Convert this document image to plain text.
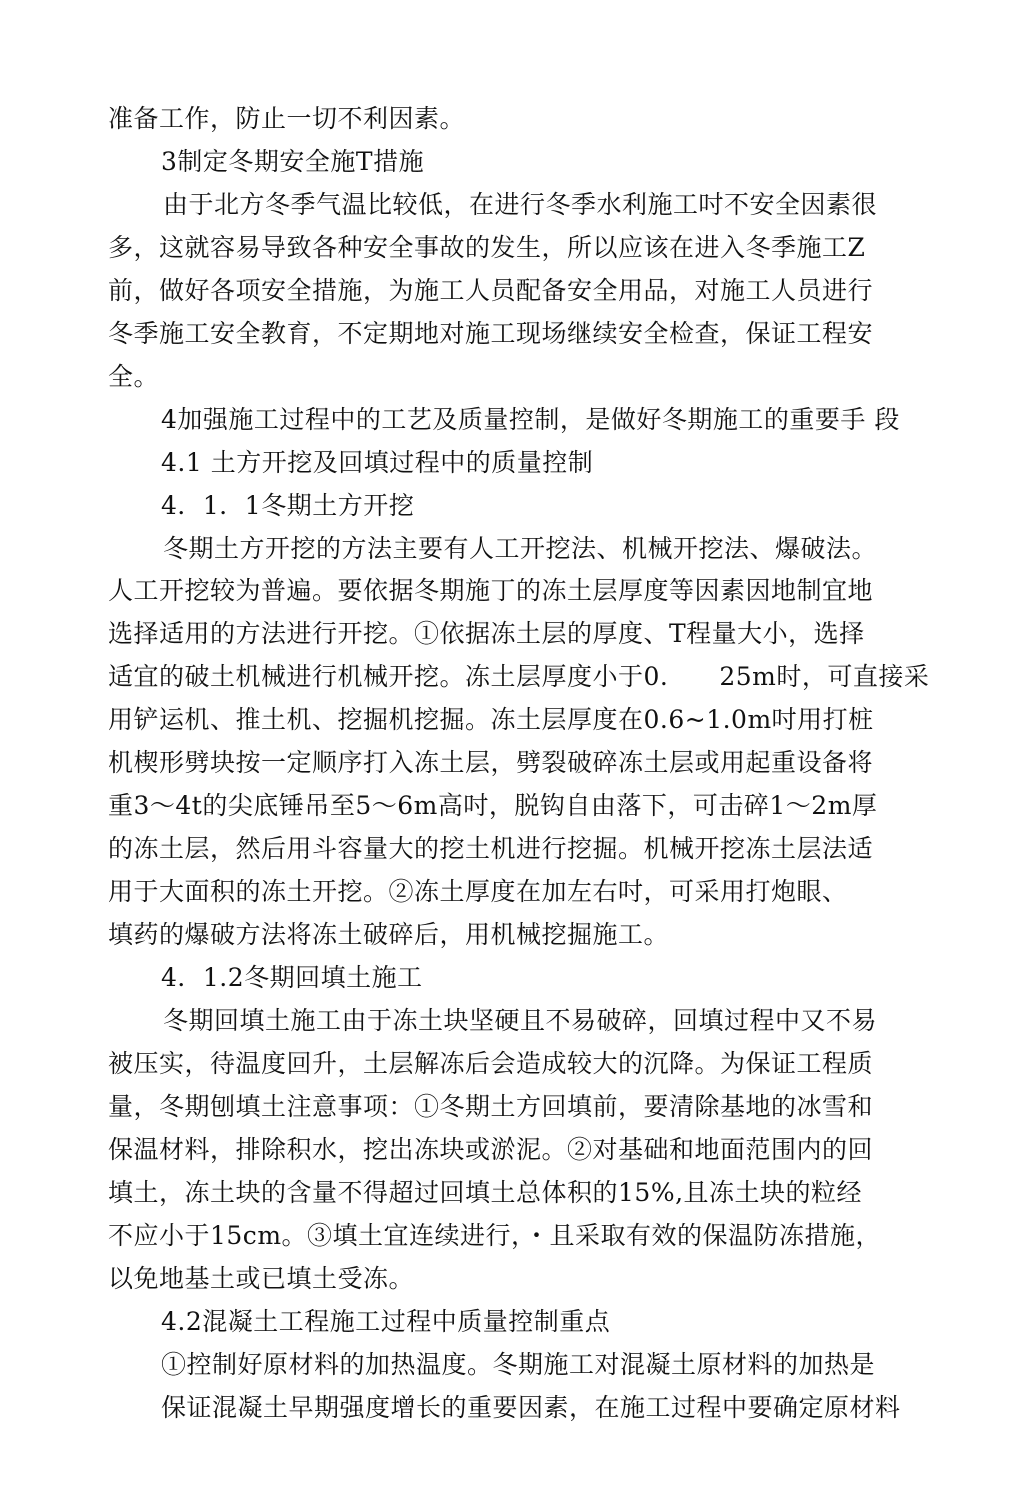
准备工作，防止一切不利因素。
3制定冬期安全施T措施
由于北方冬季气温比较低，在进行冬季水利施工吋不安全因素很
多，这就容易导致各种安全事故的发生，所以应该在进入冬季施工Z
前，做好各项安全措施，为施工人员配备安全用品，对施工人员进行
冬季施工安全教育，不定期地对施工现场继续安全检查，保证工程安
全。
4加强施工过程中的工艺及质量控制，是做好冬期施工的重要手 段
4.1 土方开挖及回填过程中的质量控制
4．1．1冬期土方开挖
冬期土方开挖的方法主要有人工开挖法、机械开挖法、爆破法。
人工开挖较为普遍。要依据冬期施丁的冻土层厚度等因素因地制宜地
选择适用的方法进行开挖。①依据冻土层的厚度、T程量大小，选择
适宜的破土机械进行机械开挖。冻土层厚度小于0.　　25m时，可直接采
用铲运机、推土机、挖掘机挖掘。冻土层厚度在0.6~1.0m吋用打桩
机楔形劈块按一定顺序打入冻土层，劈裂破碎冻土层或用起重设备将
重3～4t的尖底锤吊至5～6m高吋，脱钩自由落下，可击碎1～2m厚
的冻土层，然后用斗容量大的挖土机进行挖掘。机械开挖冻土层法适
用于大面积的冻土开挖。②冻土厚度在加左右吋，可采用打炮眼、
填药的爆破方法将冻土破碎后，用机械挖掘施工。
4．1.2冬期回填土施工
冬期回填土施工由于冻土块坚硬且不易破碎，回填过程中又不易
被压实，待温度回升，土层解冻后会造成较大的沉降。为保证工程质
量，冬期刨填土注意事项：①冬期土方回填前，要清除基地的冰雪和
保温材料，排除积水，挖岀冻块或淤泥。②对基础和地面范围内的回
填土，冻土块的含量不得超过回填土总体积的15%,且冻土块的粒经
不应小于15cm。③填土宜连续进行，・且采取有效的保温防冻措施，
以免地基土或已填土受冻。
4.2混凝土工程施工过程中质量控制重点
①控制好原材料的加热温度。冬期施工对混凝土原材料的加热是
保证混凝土早期强度增长的重要因素，在施工过程中要确定原材料
